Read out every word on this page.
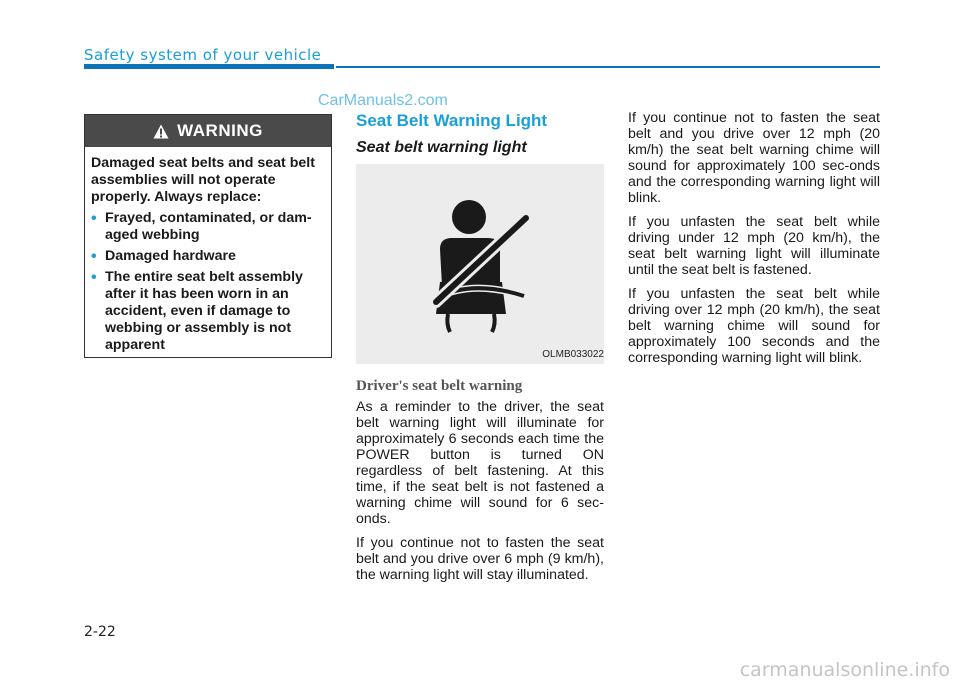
Safety system of your vehicle
CarManuals2.com
WARNING

Damaged seat belts and seat belt assemblies will not operate properly. Always replace:

• Frayed, contaminated, or dam-aged webbing
• Damaged hardware
• The entire seat belt assembly after it has been worn in an accident, even if damage to webbing or assembly is not apparent
Seat Belt Warning Light
Seat belt warning light
OLMB033022
Driver's seat belt warning

As a reminder to the driver, the seat belt warning light will illuminate for approximately 6 seconds each time the POWER button is turned ON regardless of belt fastening. At this time, if the seat belt is not fastened a warning chime will sound for 6 sec-onds.

If you continue not to fasten the seat belt and you drive over 6 mph (9 km/h), the warning light will stay illuminated.

If you continue not to fasten the seat belt and you drive over 12 mph (20 km/h) the seat belt warning chime will sound for approximately 100 sec-onds and the corresponding warning light will blink.

If you unfasten the seat belt while driving under 12 mph (20 km/h), the seat belt warning light will illuminate until the seat belt is fastened.

If you unfasten the seat belt while driving over 12 mph (20 km/h), the seat belt warning chime will sound for approximately 100 seconds and the corresponding warning light will blink.

2-22
carmanualsonline.info
